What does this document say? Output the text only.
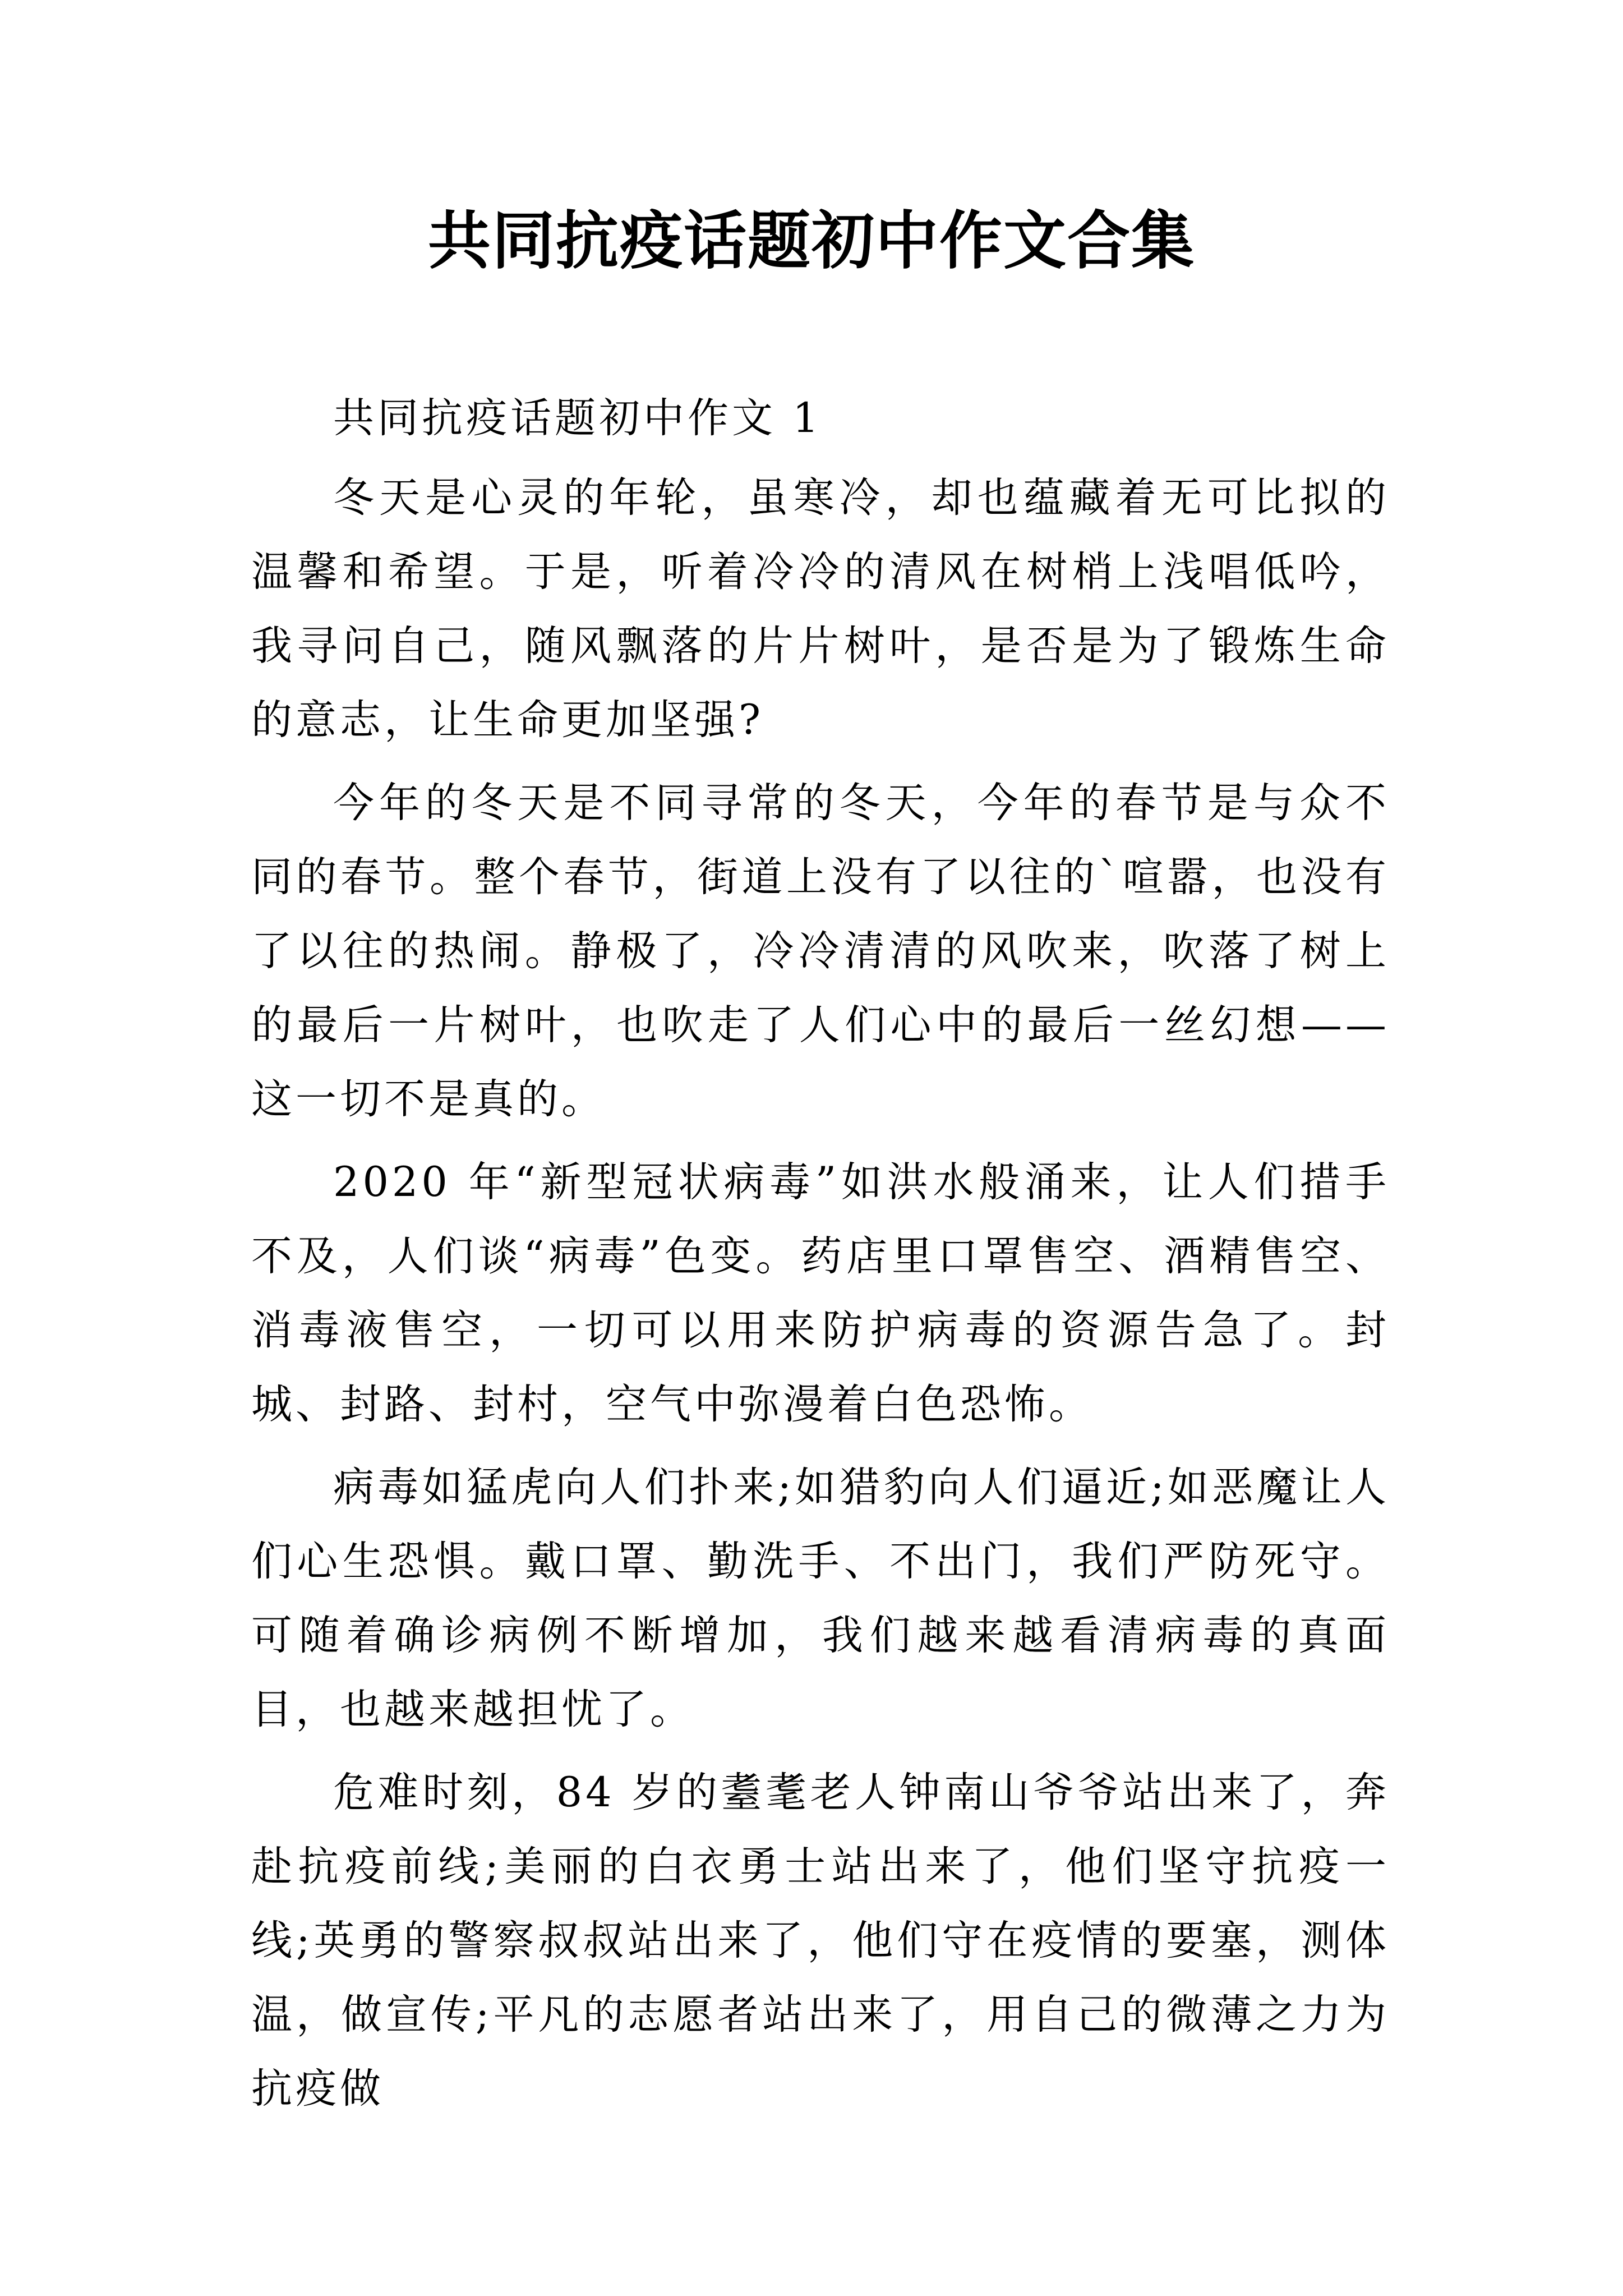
共同抗疫话题初中作文合集

共同抗疫话题初中作文 1

冬天是心灵的年轮，虽寒冷，却也蕴藏着无可比拟的温馨和希望。于是，听着冷冷的清风在树梢上浅唱低吟，我寻问自己，随风飘落的片片树叶，是否是为了锻炼生命的意志，让生命更加坚强?

今年的冬天是不同寻常的冬天，今年的春节是与众不同的春节。整个春节，街道上没有了以往的`喧嚣，也没有了以往的热闹。静极了，冷冷清清的风吹来，吹落了树上的最后一片树叶，也吹走了人们心中的最后一丝幻想——这一切不是真的。

2020 年“新型冠状病毒”如洪水般涌来，让人们措手不及，人们谈“病毒”色变。药店里口罩售空、酒精售空、消毒液售空，一切可以用来防护病毒的资源告急了。封城、封路、封村，空气中弥漫着白色恐怖。

病毒如猛虎向人们扑来;如猎豹向人们逼近;如恶魔让人们心生恐惧。戴口罩、勤洗手、不出门，我们严防死守。可随着确诊病例不断增加，我们越来越看清病毒的真面目，也越来越担忧了。

危难时刻，84 岁的耋耄老人钟南山爷爷站出来了，奔赴抗疫前线;美丽的白衣勇士站出来了，他们坚守抗疫一线;英勇的警察叔叔站出来了，他们守在疫情的要塞，测体温，做宣传;平凡的志愿者站出来了，用自己的微薄之力为抗疫做
